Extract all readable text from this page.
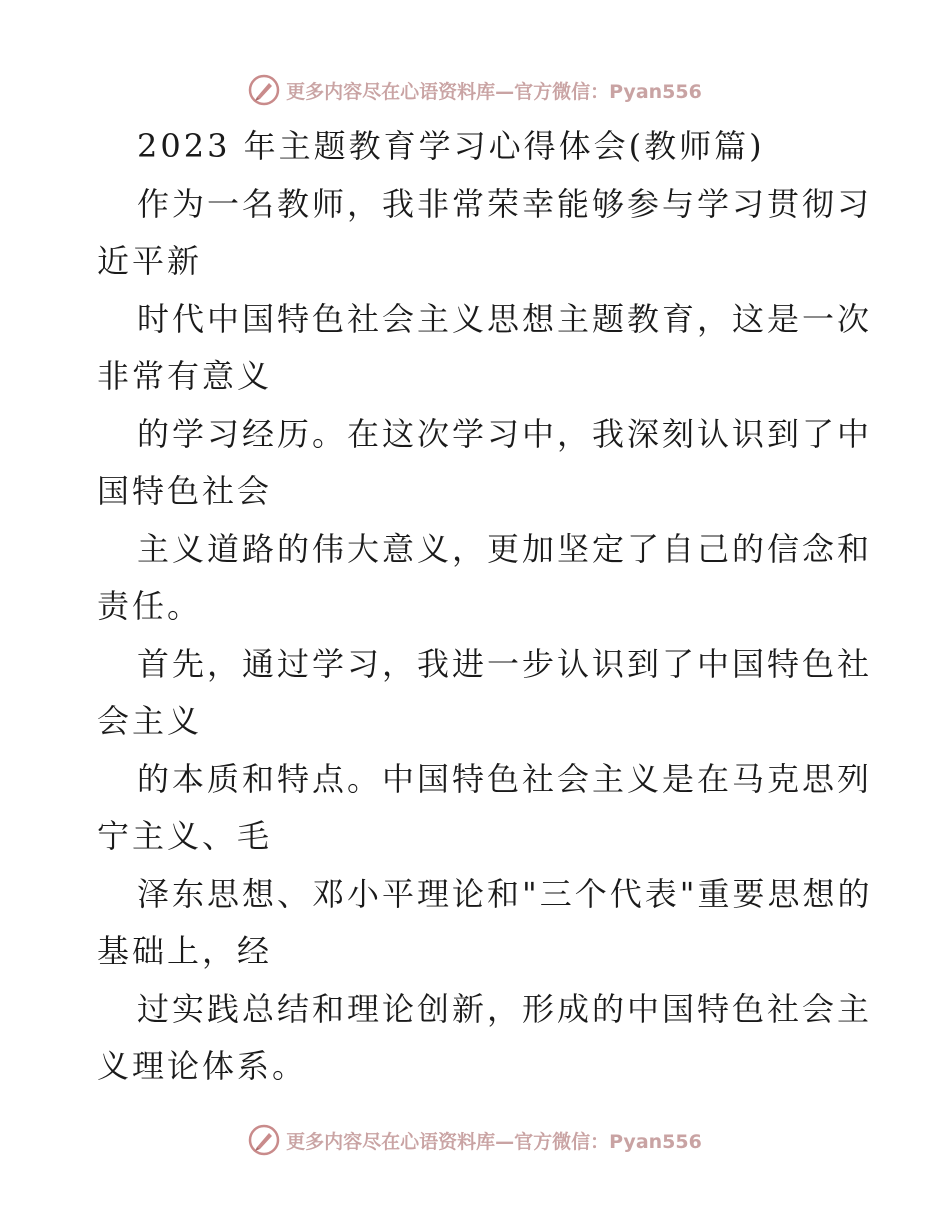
更多内容尽在心语资料库—官方微信：Pyan556
2023 年主题教育学习心得体会(教师篇)
作为一名教师，我非常荣幸能够参与学习贯彻习
近平新
时代中国特色社会主义思想主题教育，这是一次
非常有意义
的学习经历。在这次学习中，我深刻认识到了中
国特色社会
主义道路的伟大意义，更加坚定了自己的信念和
责任。
首先，通过学习，我进一步认识到了中国特色社
会主义
的本质和特点。中国特色社会主义是在马克思列
宁主义、毛
泽东思想、邓小平理论和"三个代表"重要思想的
基础上，经
过实践总结和理论创新，形成的中国特色社会主
义理论体系。
更多内容尽在心语资料库—官方微信：Pyan556
